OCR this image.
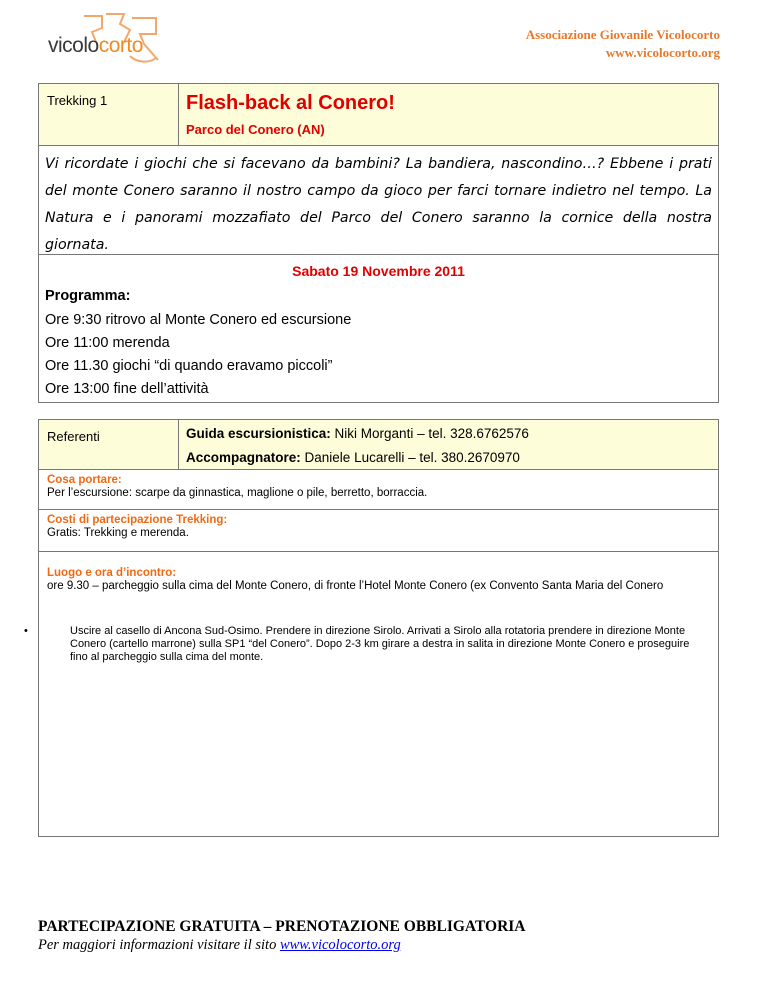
vicolocorto	Associazione Giovanile Vicolocorto
www.vicolocorto.org
Trekking 1	Flash-back al Conero!
Parco del Conero (AN)
Vi ricordate i giochi che si facevano da bambini? La bandiera, nascondino…? Ebbene i prati del monte Conero saranno il nostro campo da gioco per farci tornare indietro nel tempo. La Natura e i panorami mozzafiato del Parco del Conero saranno la cornice della nostra giornata.
Sabato 19 Novembre 2011
Programma:
Ore 9:30 ritrovo al Monte Conero ed escursione
Ore 11:00 merenda
Ore 11.30 giochi “di quando eravamo piccoli”
Ore 13:00 fine dell’attività
Referenti	Guida escursionistica: Niki Morganti – tel. 328.6762576
Accompagnatore: Daniele Lucarelli – tel. 380.2670970
Cosa portare:
Per l’escursione: scarpe da ginnastica, maglione o pile, berretto, borraccia.
Costi di partecipazione Trekking:
Gratis: Trekking e merenda.
Luogo e ora d’incontro:
ore 9.30 – parcheggio sulla cima del Monte Conero, di fronte l’Hotel Monte Conero (ex Convento Santa Maria del Conero
•	Uscire al casello di Ancona Sud-Osimo. Prendere in direzione Sirolo. Arrivati a Sirolo alla rotatoria prendere in direzione Monte Conero (cartello marrone) sulla SP1 “del Conero”. Dopo 2-3 km girare a destra in salita in direzione Monte Conero e proseguire fino al parcheggio sulla cima del monte.
PARTECIPAZIONE GRATUITA – PRENOTAZIONE OBBLIGATORIA
Per maggiori informazioni visitare il sito www.vicolocorto.org
